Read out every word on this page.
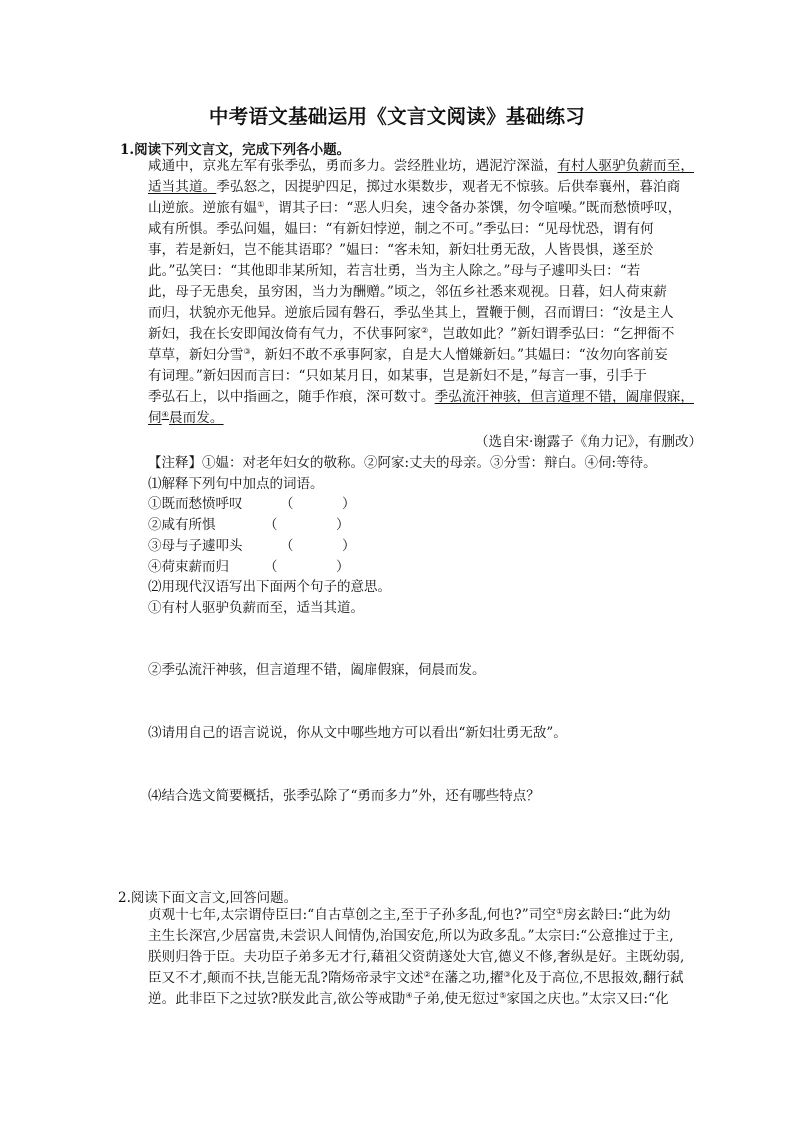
中考语文基础运用《文言文阅读》基础练习
1.阅读下列文言文，完成下列各小题。
咸通中，京兆左军有张季弘，勇而多力。尝经胜业坊，遇泥泞深溢，有村人驱驴负薪而至，
适当其道。季弘怒之，因提驴四足，掷过水渠数步，观者无不惊骇。后供奉襄州，暮泊商
山逆旅。逆旅有媪①，谓其子曰：“恶人归矣，速令备办茶馔，勿令喧噪。”既而愁愤呼叹，
咸有所惧。季弘问媪，媪曰：“有新妇悖逆，制之不可。”季弘曰：“见母忧恐，谓有何
事，若是新妇，岂不能其语耶？”媪曰：“客未知，新妇壮勇无敌，人皆畏惧，遂至於
此。”弘笑曰：“其他即非某所知，若言壮勇，当为主人除之。”母与子遽叩头曰：“若
此，母子无患矣，虽穷困，当力为酬赠。”顷之，邻伍乡社悉来观视。日暮，妇人荷束薪
而归，状貌亦无他异。逆旅后园有磐石，季弘坐其上，置鞭于侧，召而谓曰：“汝是主人
新妇，我在长安即闻汝倚有气力，不伏事阿家②，岂敢如此？”新妇谓季弘曰：“乞押衙不
草草，新妇分雪③，新妇不敢不承事阿家，自是大人憎嫌新妇。”其媪曰：“汝勿向客前妄
有词理。”新妇因而言曰：“只如某月日，如某事，岂是新妇不是，”每言一事，引手于
季弘石上，以中指画之，随手作痕，深可数寸。季弘流汗神骇，但言道理不错，阖扉假寐，
伺④晨而发。
（选自宋·谢露子《角力记》，有删改）
【注释】①媪：对老年妇女的敬称。②阿家:丈夫的母亲。③分雪：辩白。④伺:等待。
⑴解释下列句中加点的词语。
①既而愁愤呼叹	（	）
②咸有所惧	（	）
③母与子遽叩头	（	）
④荷束薪而归	（	）
⑵用现代汉语写出下面两个句子的意思。
①有村人驱驴负薪而至，适当其道。
②季弘流汗神骇，但言道理不错，阖扉假寐，伺晨而发。
⑶请用自己的语言说说，你从文中哪些地方可以看出“新妇壮勇无敌”。
⑷结合选文简要概括，张季弘除了“勇而多力”外，还有哪些特点？
2.阅读下面文言文,回答问题。
贞观十七年,太宗谓侍臣曰:“自古草创之主,至于子孙多乱,何也?”司空①房玄龄曰:“此为幼
主生长深宫,少居富贵,未尝识人间情伪,治国安危,所以为政多乱。”太宗曰:“公意推过于主,
朕则归咎于臣。夫功臣子弟多无才行,藉祖父资荫遂处大官,德义不修,奢纵是好。主既幼弱,
臣又不才,颠而不扶,岂能无乱?隋炀帝录宇文述②在藩之功,擢③化及于高位,不思报效,翻行弑
逆。此非臣下之过欤?朕发此言,欲公等戒勖④子弟,使无愆过⑤家国之庆也。”太宗又曰:“化
